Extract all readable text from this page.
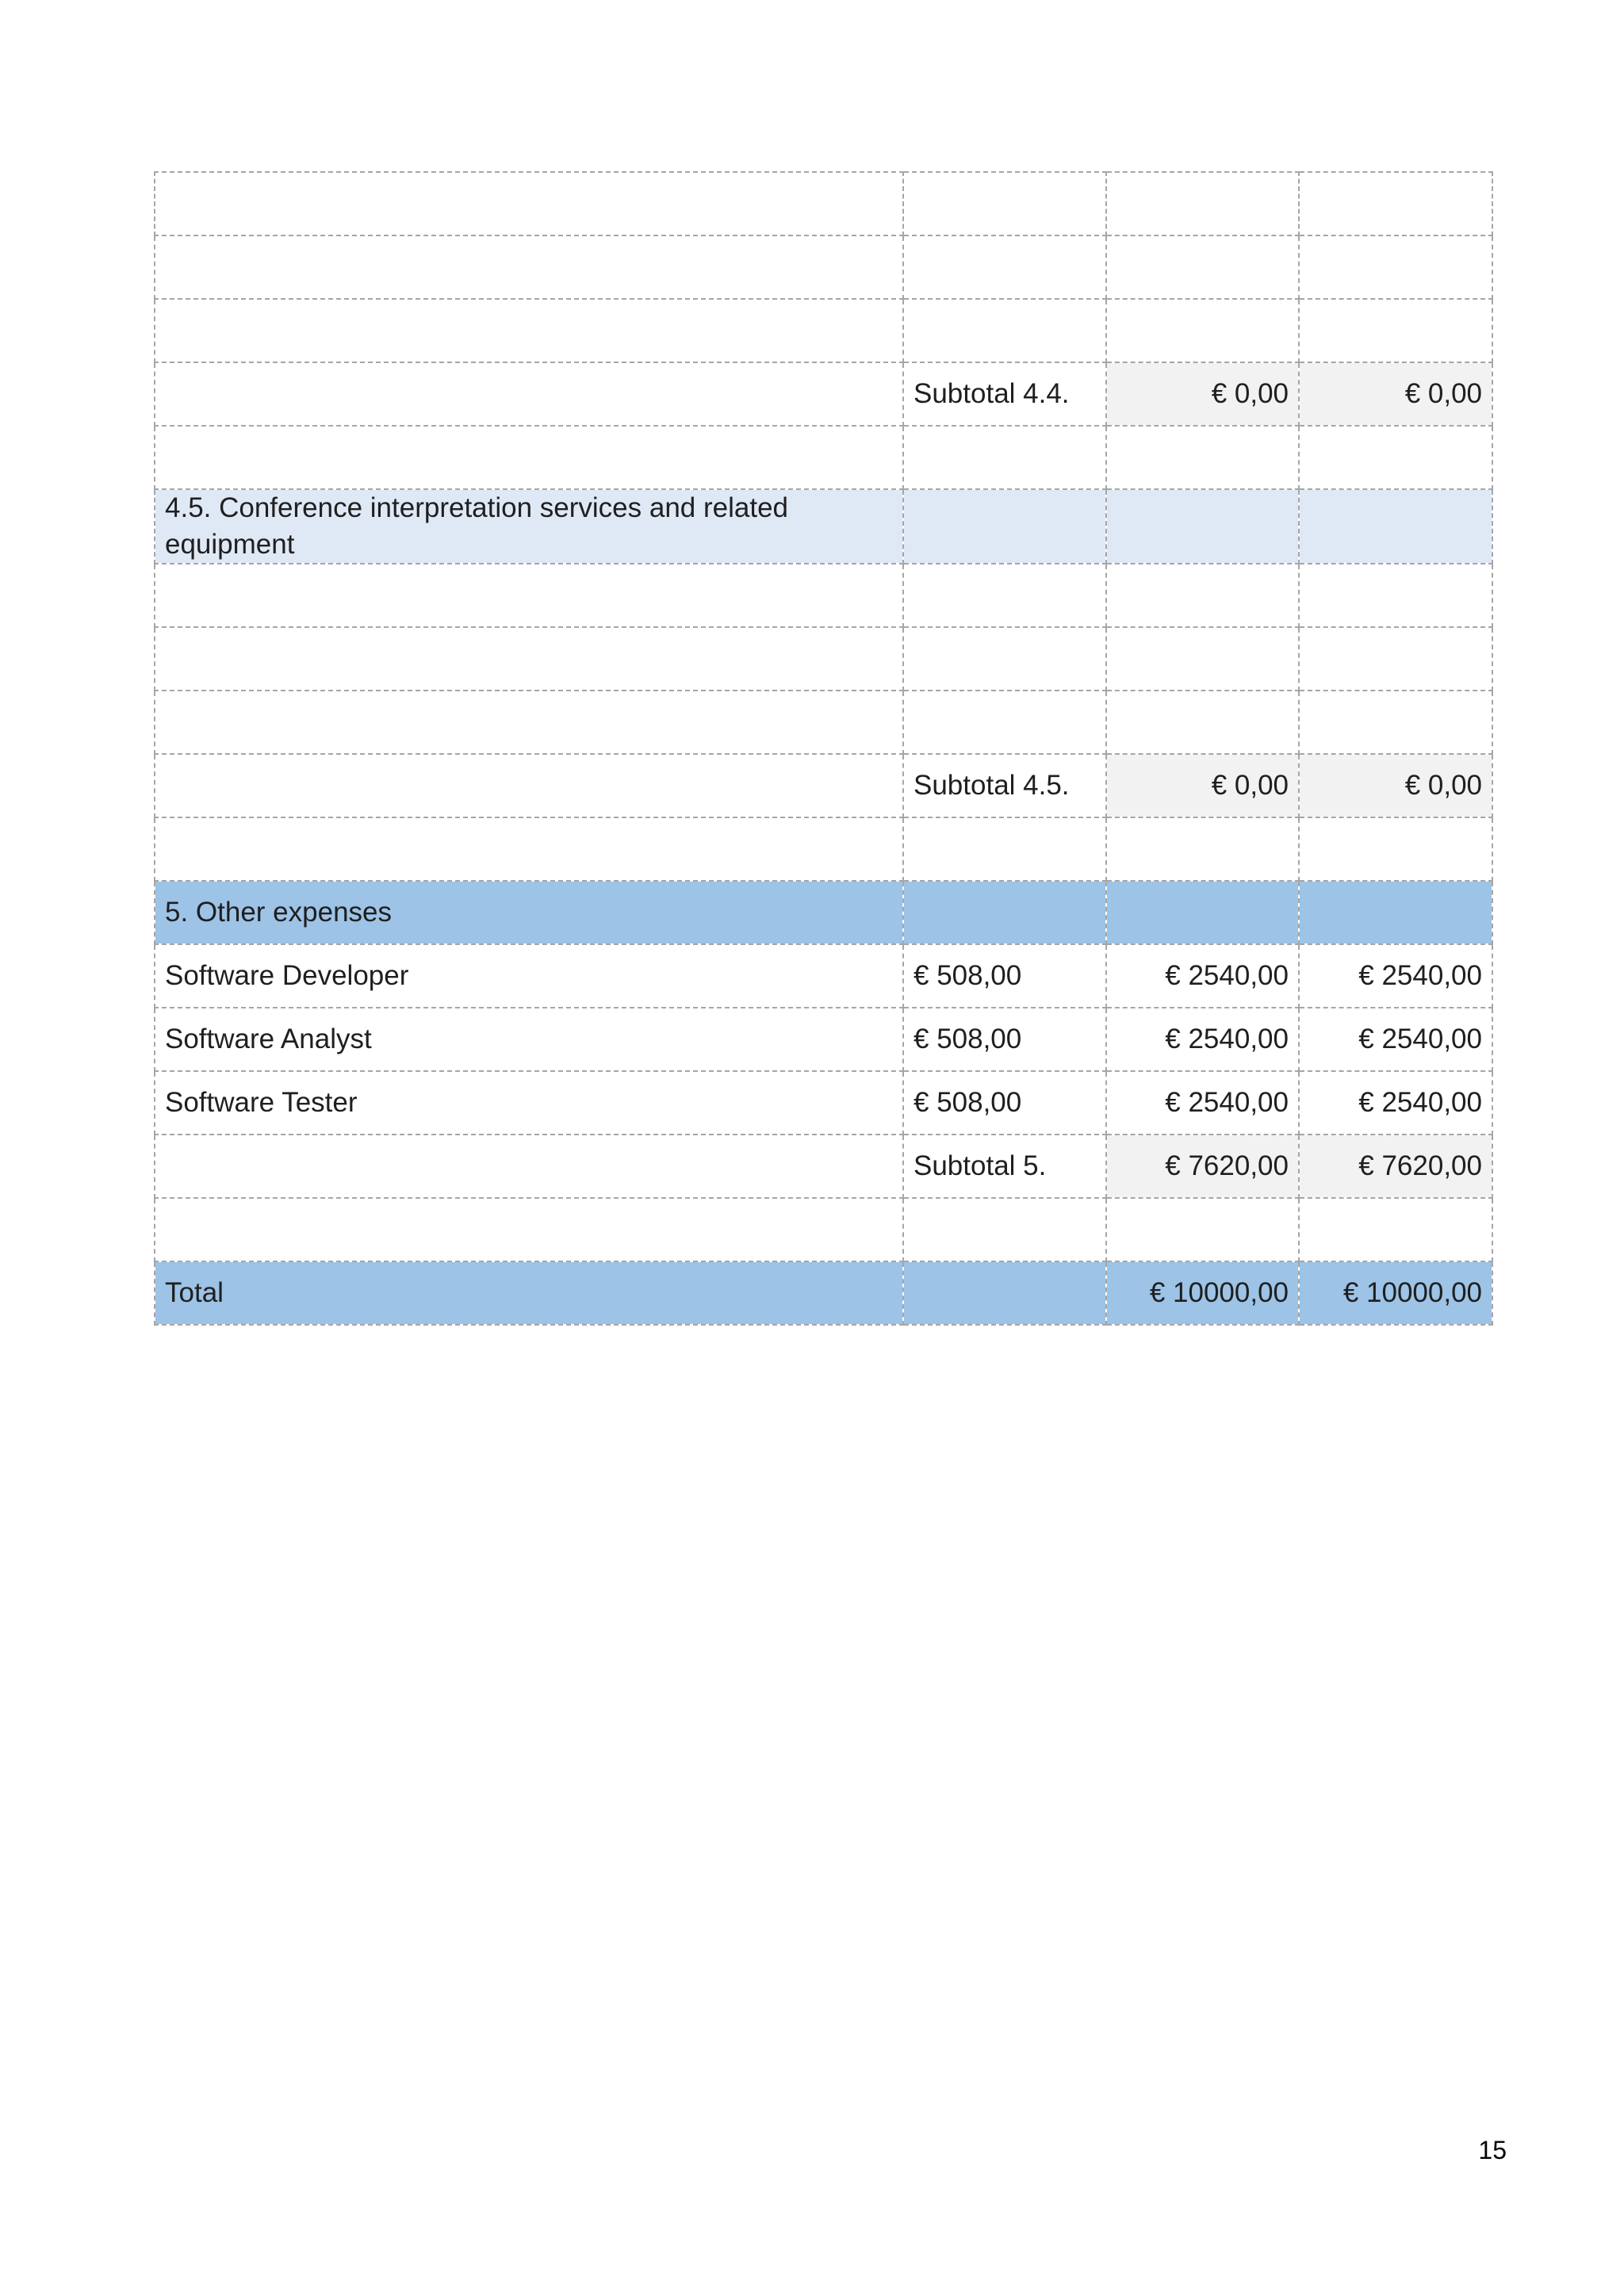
	Subtotal 4.4.	€ 0,00	€ 0,00

4.5. Conference interpretation services and related equipment			

	Subtotal 4.5.	€ 0,00	€ 0,00

5. Other expenses			
Software Developer	€ 508,00	€ 2540,00	€ 2540,00
Software Analyst	€ 508,00	€ 2540,00	€ 2540,00
Software Tester	€ 508,00	€ 2540,00	€ 2540,00
	Subtotal 5.	€ 7620,00	€ 7620,00

Total		€ 10000,00	€ 10000,00
15
